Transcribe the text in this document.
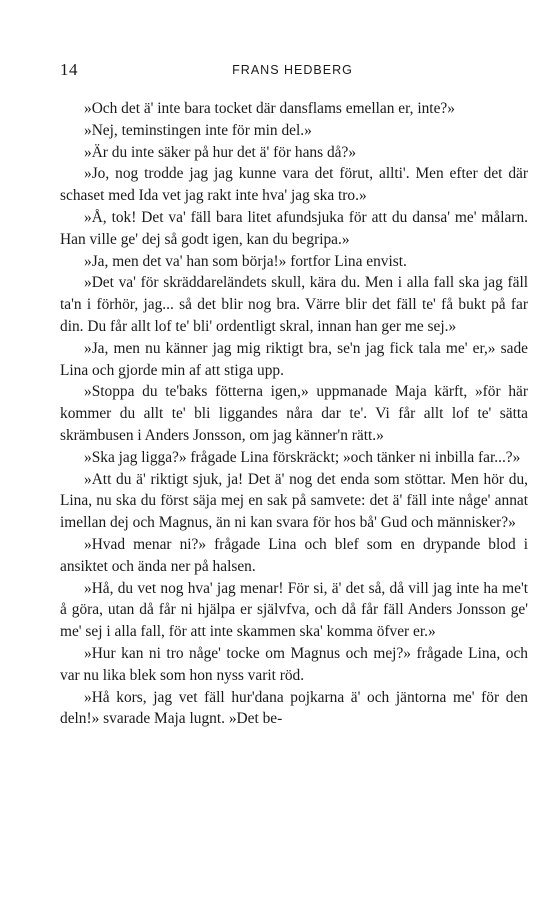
14	FRANS HEDBERG

»Och det ä' inte bara tocket där dansflams emellan er, inte?»

»Nej, teminstingen inte för min del.»

»Är du inte säker på hur det ä' för hans då?»

»Jo, nog trodde jag jag kunne vara det förut, allti'. Men efter det där schaset med Ida vet jag rakt inte hva' jag ska tro.»

»Å, tok! Det va' fäll bara litet afundsjuka för att du dansa' me' målarn. Han ville ge' dej så godt igen, kan du begripa.»

»Ja, men det va' han som börja!» fortfor Lina envist.

»Det va' för skräddareländets skull, kära du. Men i alla fall ska jag fäll ta'n i förhör, jag... så det blir nog bra. Värre blir det fäll te' få bukt på far din. Du får allt lof te' bli' ordentligt skral, innan han ger me sej.»

»Ja, men nu känner jag mig riktigt bra, se'n jag fick tala me' er,» sade Lina och gjorde min af att stiga upp.

»Stoppa du te'baks fötterna igen,» uppmanade Maja kärft, »för här kommer du allt te' bli liggandes nåra dar te'. Vi får allt lof te' sätta skrämbusen i Anders Jonsson, om jag känner'n rätt.»

»Ska jag ligga?» frågade Lina förskräckt; »och tänker ni inbilla far...?»

»Att du ä' riktigt sjuk, ja! Det ä' nog det enda som stöttar. Men hör du, Lina, nu ska du först säja mej en sak på samvete: det ä' fäll inte någe' annat imellan dej och Magnus, än ni kan svara för hos bå' Gud och människer?»

»Hvad menar ni?» frågade Lina och blef som en drypande blod i ansiktet och ända ner på halsen.

»Hå, du vet nog hva' jag menar! För si, ä' det så, då vill jag inte ha me't å göra, utan då får ni hjälpa er självfva, och då får fäll Anders Jonsson ge' me' sej i alla fall, för att inte skammen ska' komma öfver er.»

»Hur kan ni tro någe' tocke om Magnus och mej?» frågade Lina, och var nu lika blek som hon nyss varit röd.

»Hå kors, jag vet fäll hur'dana pojkarna ä' och jäntorna me' för den deln!» svarade Maja lugnt. »Det be-
